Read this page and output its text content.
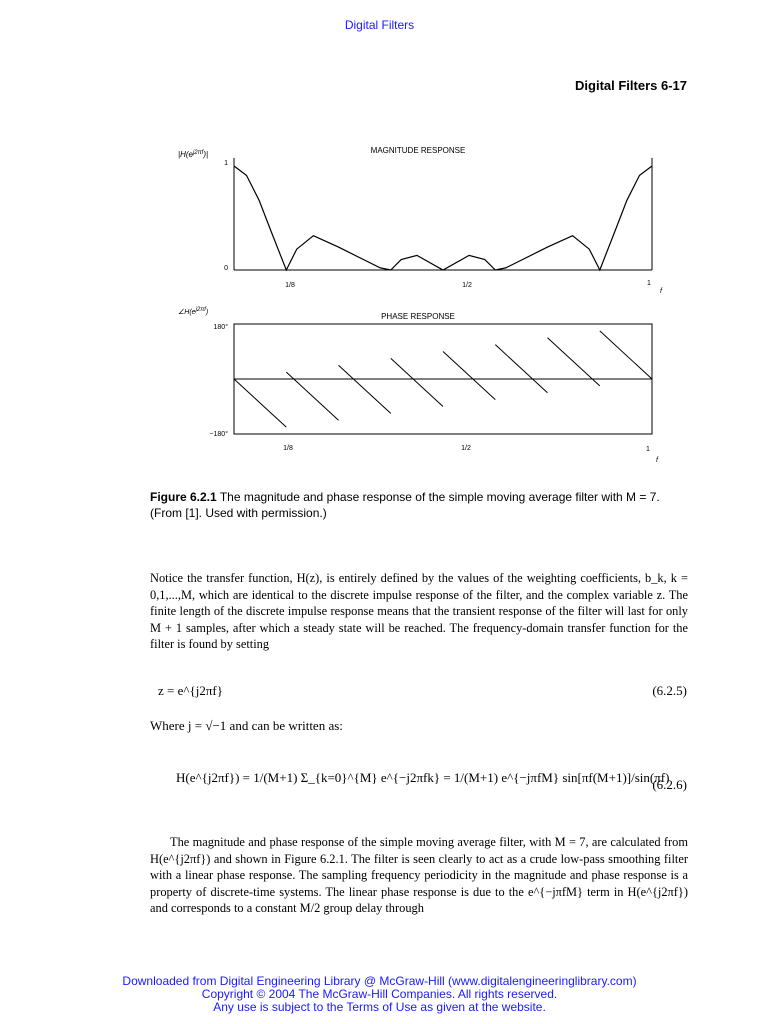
Digital Filters
Digital Filters 6-17
MAGNITUDE RESPONSE
$|H(e^{j2\pi f})|$
1
0
1/8	1/2	1
f
PHASE RESPONSE
∠H(ej2πf)
180°
−180°
1/8	1/2	1
f
Figure 6.2.1 The magnitude and phase response of the simple moving average filter with M = 7. (From [1]. Used with permission.)

Notice the transfer function, H(z), is entirely defined by the values of the weighting coefficients, b_k, k = 0,1,...,M, which are identical to the discrete impulse response of the filter, and the complex variable z. The finite length of the discrete impulse response means that the transient response of the filter will last for only M + 1 samples, after which a steady state will be reached. The frequency-domain transfer function for the filter is found by setting

z = e^{j2πf}	(6.2.5)
Where j = √−1 and can be written as:
H(e^{j2πf}) = 1/(M+1) Σ_{k=0}^{M} e^{−j2πfk} = 1/(M+1) e^{−jπfM} sin[πf(M+1)]/sin(πf)
(6.2.6)

The magnitude and phase response of the simple moving average filter, with M = 7, are calculated from H(e^{j2πf}) and shown in Figure 6.2.1. The filter is seen clearly to act as a crude low-pass smoothing filter with a linear phase response. The sampling frequency periodicity in the magnitude and phase response is a property of discrete-time systems. The linear phase response is due to the e^{−jπfM} term in H(e^{j2πf}) and corresponds to a constant M/2 group delay through

Downloaded from Digital Engineering Library @ McGraw-Hill (www.digitalengineeringlibrary.com)
Copyright © 2004 The McGraw-Hill Companies. All rights reserved.
Any use is subject to the Terms of Use as given at the website.
